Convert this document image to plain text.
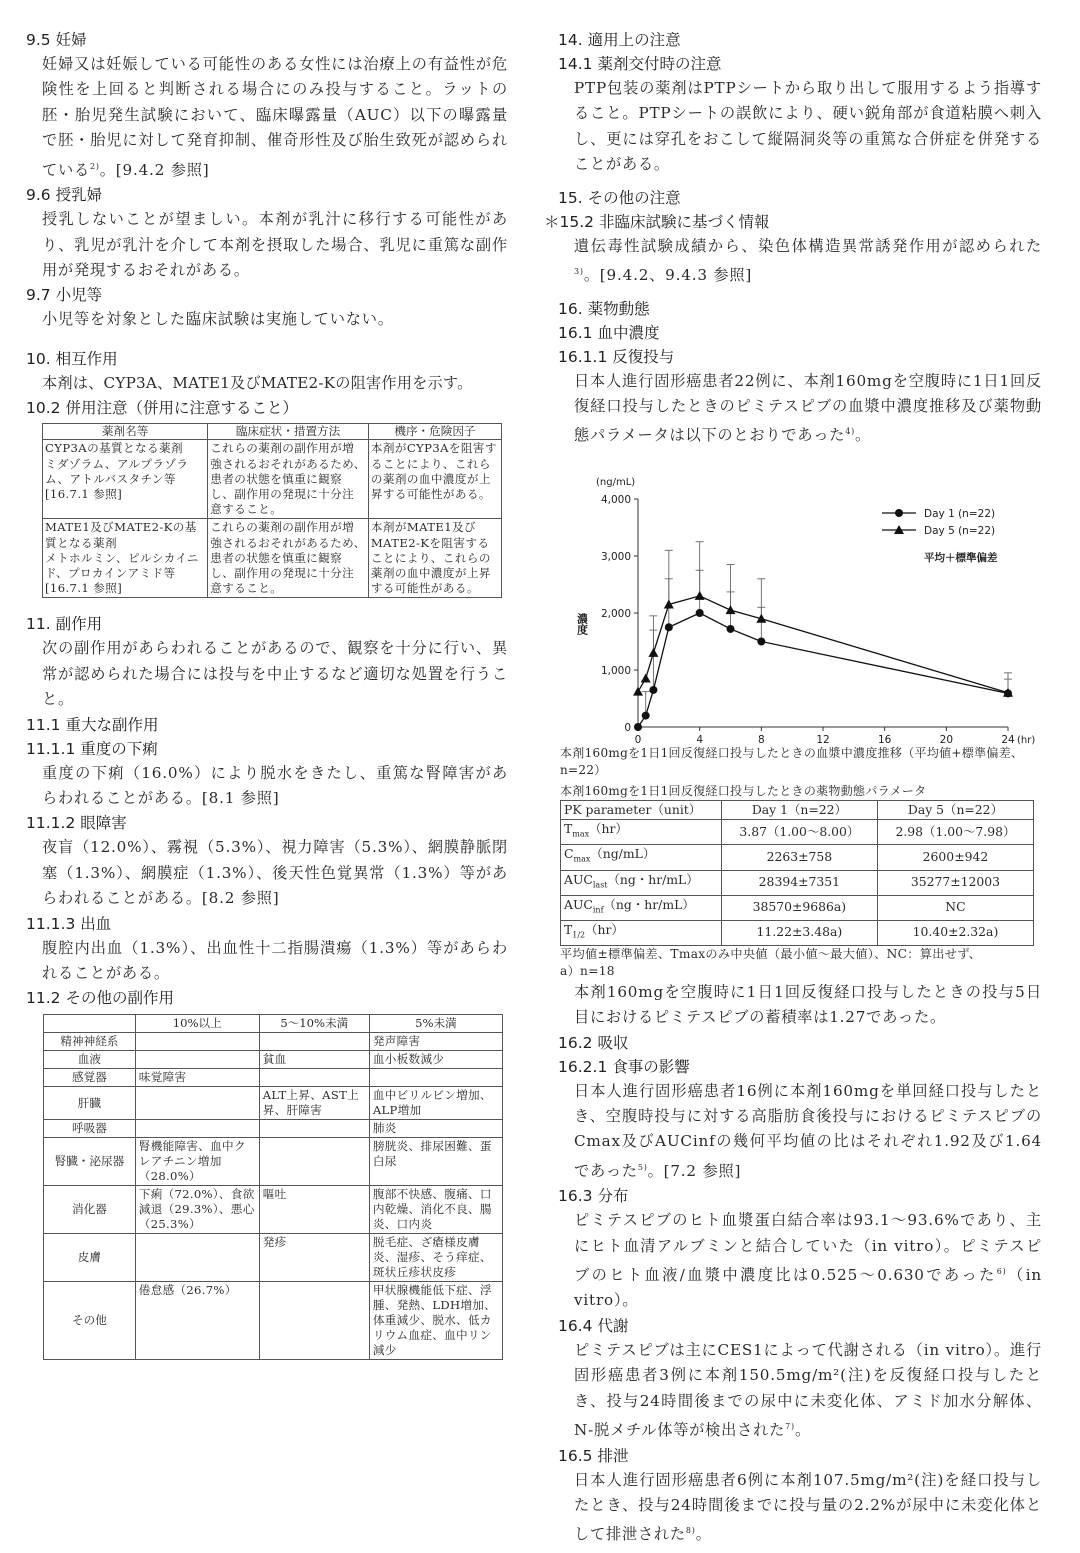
9.5 妊婦
妊婦又は妊娠している可能性のある女性には治療上の有益性が危険性を上回ると判断される場合にのみ投与すること。ラットの胚・胎児発生試験において、臨床曝露量（AUC）以下の曝露量で胚・胎児に対して発育抑制、催奇形性及び胎生致死が認められている$^{2)}$。[9.4.2 参照]
9.6 授乳婦
授乳しないことが望ましい。本剤が乳汁に移行する可能性があり、乳児が乳汁を介して本剤を摂取した場合、乳児に重篤な副作用が発現するおそれがある。
9.7 小児等
小児等を対象とした臨床試験は実施していない。
10. 相互作用
本剤は、CYP3A、MATE1及びMATE2-Kの阻害作用を示す。
10.2 併用注意（併用に注意すること）
薬剤名等	臨床症状・措置方法	機序・危険因子

CYP3Aの基質となる薬剤
ミダゾラム、アルプラゾラム、アトルバスタチン等
[16.7.1 参照]	これらの薬剤の副作用が増強されるおそれがあるため、患者の状態を慎重に観察し、副作用の発現に十分注意すること。	本剤がCYP3Aを阻害することにより、これらの薬剤の血中濃度が上昇する可能性がある。

MATE1及びMATE2-Kの基質となる薬剤
メトホルミン、ピルシカイニド、プロカインアミド等
[16.7.1 参照]	これらの薬剤の副作用が増強されるおそれがあるため、患者の状態を慎重に観察し、副作用の発現に十分注意すること。	本剤がMATE1及びMATE2-Kを阻害することにより、これらの薬剤の血中濃度が上昇する可能性がある。
11. 副作用
次の副作用があらわれることがあるので、観察を十分に行い、異常が認められた場合には投与を中止するなど適切な処置を行うこと。
11.1 重大な副作用
11.1.1 重度の下痢
重度の下痢（16.0%）により脱水をきたし、重篤な腎障害があらわれることがある。[8.1 参照]
11.1.2 眼障害
夜盲（12.0%）、霧視（5.3%）、視力障害（5.3%）、網膜静脈閉塞（1.3%）、網膜症（1.3%）、後天性色覚異常（1.3%）等があらわれることがある。[8.2 参照]
11.1.3 出血
腹腔内出血（1.3%）、出血性十二指腸潰瘍（1.3%）等があらわれることがある。
11.2 その他の副作用
	10%以上	5～10%未満	5%未満
精神神経系			発声障害
血液		貧血	血小板数減少
感覚器	味覚障害		
肝臓		ALT上昇、AST上昇、肝障害	血中ビリルビン増加、ALP増加
呼吸器			肺炎
腎臓・泌尿器	腎機能障害、血中クレアチニン増加（28.0%）		膀胱炎、排尿困難、蛋白尿
消化器	下痢（72.0%）、食欲減退（29.3%）、悪心（25.3%）	嘔吐	腹部不快感、腹痛、口内乾燥、消化不良、腸炎、口内炎
皮膚		発疹	脱毛症、ざ瘡様皮膚炎、湿疹、そう痒症、斑状丘疹状皮疹
その他	倦怠感（26.7%）		甲状腺機能低下症、浮腫、発熱、LDH増加、体重減少、脱水、低カリウム血症、血中リン減少
14. 適用上の注意
14.1 薬剤交付時の注意
PTP包装の薬剤はPTPシートから取り出して服用するよう指導すること。PTPシートの誤飲により、硬い鋭角部が食道粘膜へ刺入し、更には穿孔をおこして縦隔洞炎等の重篤な合併症を併発することがある。
15. その他の注意
＊15.2 非臨床試験に基づく情報
遺伝毒性試験成績から、染色体構造異常誘発作用が認められた$^{3)}$。[9.4.2、9.4.3 参照]
16. 薬物動態
16.1 血中濃度
16.1.1 反復投与
日本人進行固形癌患者22例に、本剤160mgを空腹時に1日1回反復経口投与したときのピミテスピブの血漿中濃度推移及び薬物動態パラメータは以下のとおりであった$^{4)}$。
0
1,000
2,000
3,000
4,000
0	4	8	12	16	20	24
(ng/mL)
(hr)
濃度
Day 1 (n=22)
Day 5 (n=22)
平均＋標準偏差
本剤160mgを1日1回反復経口投与したときの血漿中濃度推移（平均値+標準偏差、n=22）
本剤160mgを1日1回反復経口投与したときの薬物動態パラメータ
PK parameter（unit）	Day 1（n=22）	Day 5（n=22）
$T_{max}(hr)$	3.87（1.00～8.00）	2.98（1.00～7.98）
$C_{max}(ng/mL)$	2263±758	2600±942
$AUC_{last}(ng$・hr/mL）	28394±7351	35277±12003
$AUC_{inf}(ng$・hr/mL）	38570±9686a)	NC
$T_{1/2}(hr)$	11.22±3.48a)	10.40±2.32a)
平均値±標準偏差、Tmaxのみ中央値（最小値～最大値）、NC：算出せず、
a）n=18
本剤160mgを空腹時に1日1回反復経口投与したときの投与5日目におけるピミテスピブの蓄積率は1.27であった。
16.2 吸収
16.2.1 食事の影響
日本人進行固形癌患者16例に本剤160mgを単回経口投与したとき、空腹時投与に対する高脂肪食後投与におけるピミテスピブのCmax及びAUCinfの幾何平均値の比はそれぞれ1.92及び1.64であった$^{5)}$。[7.2 参照]
16.3 分布
ピミテスピブのヒト血漿蛋白結合率は93.1～93.6%であり、主にヒト血清アルブミンと結合していた（in vitro）。ピミテスピブのヒト血液/血漿中濃度比は0.525～0.630であった$^{6)}$（in vitro）。
16.4 代謝
ピミテスピブは主にCES1によって代謝される（in vitro）。進行固形癌患者3例に本剤150.5mg/m²(注)を反復経口投与したとき、投与24時間後までの尿中に未変化体、アミド加水分解体、N-脱メチル体等が検出された$^{7)}$。
16.5 排泄
日本人進行固形癌患者6例に本剤107.5mg/m²(注)を経口投与したとき、投与24時間後までに投与量の2.2%が尿中に未変化体として排泄された$^{8)}$。
